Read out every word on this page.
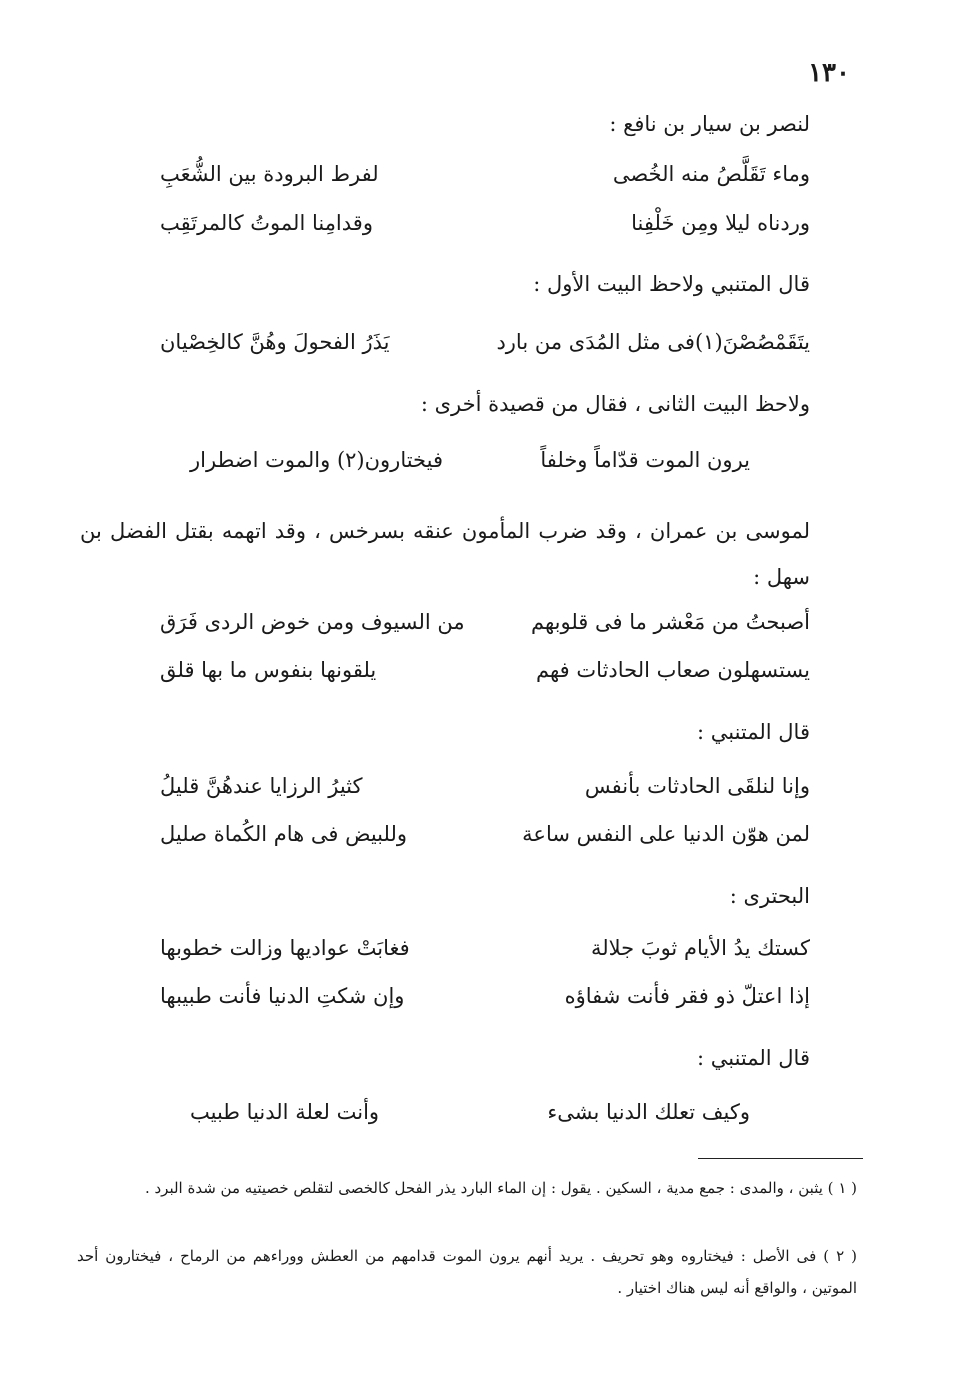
١٣٠
لنصر بن سيار بن نافع :
وماء تَقَلَّصُ منه الخُصى
لفرط البرودة بين الشُّعَبِ
وردناه ليلا ومِن خَلْفِنا
وقدامِنا الموتُ كالمرتَقِب
قال المتنبي ولاحظ البيت الأول :
يتَقَمْصُصْنَ(١)فى مثل المُدَى من بارد
يَذَرُ الفحولَ وهُنَّ كالخِصْيان
ولاحظ البيت الثانى ، فقال من قصيدة أخرى :
يرون الموت قدّاماً وخلفاً
فيختارون(٢) والموت اضطرار
لموسى بن عمران ، وقد ضرب المأمون عنقه بسرخس ، وقد اتهمه بقتل الفضل بن سهل :
أصبحتُ من مَعْشر ما فى قلوبهم
من السيوف ومن خوض الردى فَرَق
يستسهلون صعاب الحادثات فهم
يلقونها بنفوس ما بها قلق
قال المتنبي :
وإنا لنلقَى الحادثات بأنفس
كثيرُ الرزايا عندهُنَّ قليلُ
لمن هوّن الدنيا على النفس ساعة
وللبيض فى هام الكُماة صليل
البحترى :
كستك يدُ الأيام ثوبَ جلالة
فغابَتْ عواديها وزالت خطوبها
إذا اعتلّ ذو فقر فأنت شفاؤه
وإن شكتِ الدنيا فأنت طبيبها
قال المتنبي :
وكيف تعلك الدنيا بشىء
وأنت لعلة الدنيا طبيب
( ١ ) يثبن ، والمدى : جمع مدية ، السكين . يقول : إن الماء البارد يذر الفحل كالخصى لتقلص خصيتيه من شدة البرد .
( ٢ ) فى الأصل : فيختاروه وهو تحريف . يريد أنهم يرون الموت قدامهم من العطش ووراءهم من الرماح ، فيختارون أحد الموتين ، والواقع أنه ليس هناك اختيار .
